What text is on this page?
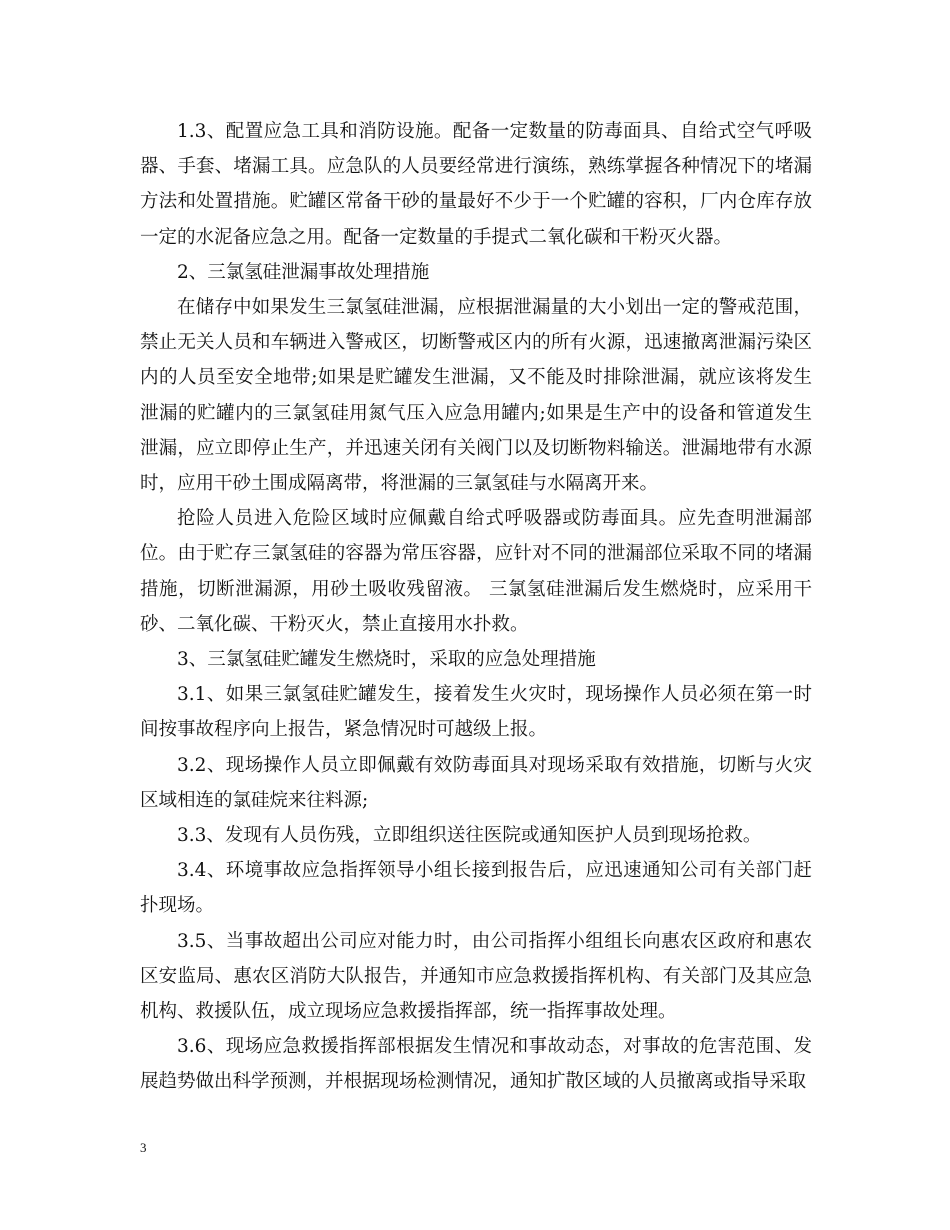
1.3、配置应急工具和消防设施。配备一定数量的防毒面具、自给式空气呼吸器、手套、堵漏工具。应急队的人员要经常进行演练，熟练掌握各种情况下的堵漏方法和处置措施。贮罐区常备干砂的量最好不少于一个贮罐的容积，厂内仓库存放一定的水泥备应急之用。配备一定数量的手提式二氧化碳和干粉灭火器。

2、三氯氢硅泄漏事故处理措施

在储存中如果发生三氯氢硅泄漏，应根据泄漏量的大小划出一定的警戒范围，禁止无关人员和车辆进入警戒区，切断警戒区内的所有火源，迅速撤离泄漏污染区内的人员至安全地带;如果是贮罐发生泄漏，又不能及时排除泄漏，就应该将发生泄漏的贮罐内的三氯氢硅用氮气压入应急用罐内;如果是生产中的设备和管道发生泄漏，应立即停止生产，并迅速关闭有关阀门以及切断物料输送。泄漏地带有水源时，应用干砂土围成隔离带，将泄漏的三氯氢硅与水隔离开来。

抢险人员进入危险区域时应佩戴自给式呼吸器或防毒面具。应先查明泄漏部位。由于贮存三氯氢硅的容器为常压容器，应针对不同的泄漏部位采取不同的堵漏措施，切断泄漏源，用砂土吸收残留液。 三氯氢硅泄漏后发生燃烧时，应采用干砂、二氧化碳、干粉灭火，禁止直接用水扑救。

3、三氯氢硅贮罐发生燃烧时，采取的应急处理措施

3.1、如果三氯氢硅贮罐发生，接着发生火灾时，现场操作人员必须在第一时间按事故程序向上报告，紧急情况时可越级上报。

3.2、现场操作人员立即佩戴有效防毒面具对现场采取有效措施，切断与火灾区域相连的氯硅烷来往料源;

3.3、发现有人员伤残，立即组织送往医院或通知医护人员到现场抢救。

3.4、环境事故应急指挥领导小组长接到报告后，应迅速通知公司有关部门赶扑现场。

3.5、当事故超出公司应对能力时，由公司指挥小组组长向惠农区政府和惠农区安监局、惠农区消防大队报告，并通知市应急救援指挥机构、有关部门及其应急机构、救援队伍，成立现场应急救援指挥部，统一指挥事故处理。

3.6、现场应急救援指挥部根据发生情况和事故动态，对事故的危害范围、发展趋势做出科学预测，并根据现场检测情况，通知扩散区域的人员撤离或指导采取

3
